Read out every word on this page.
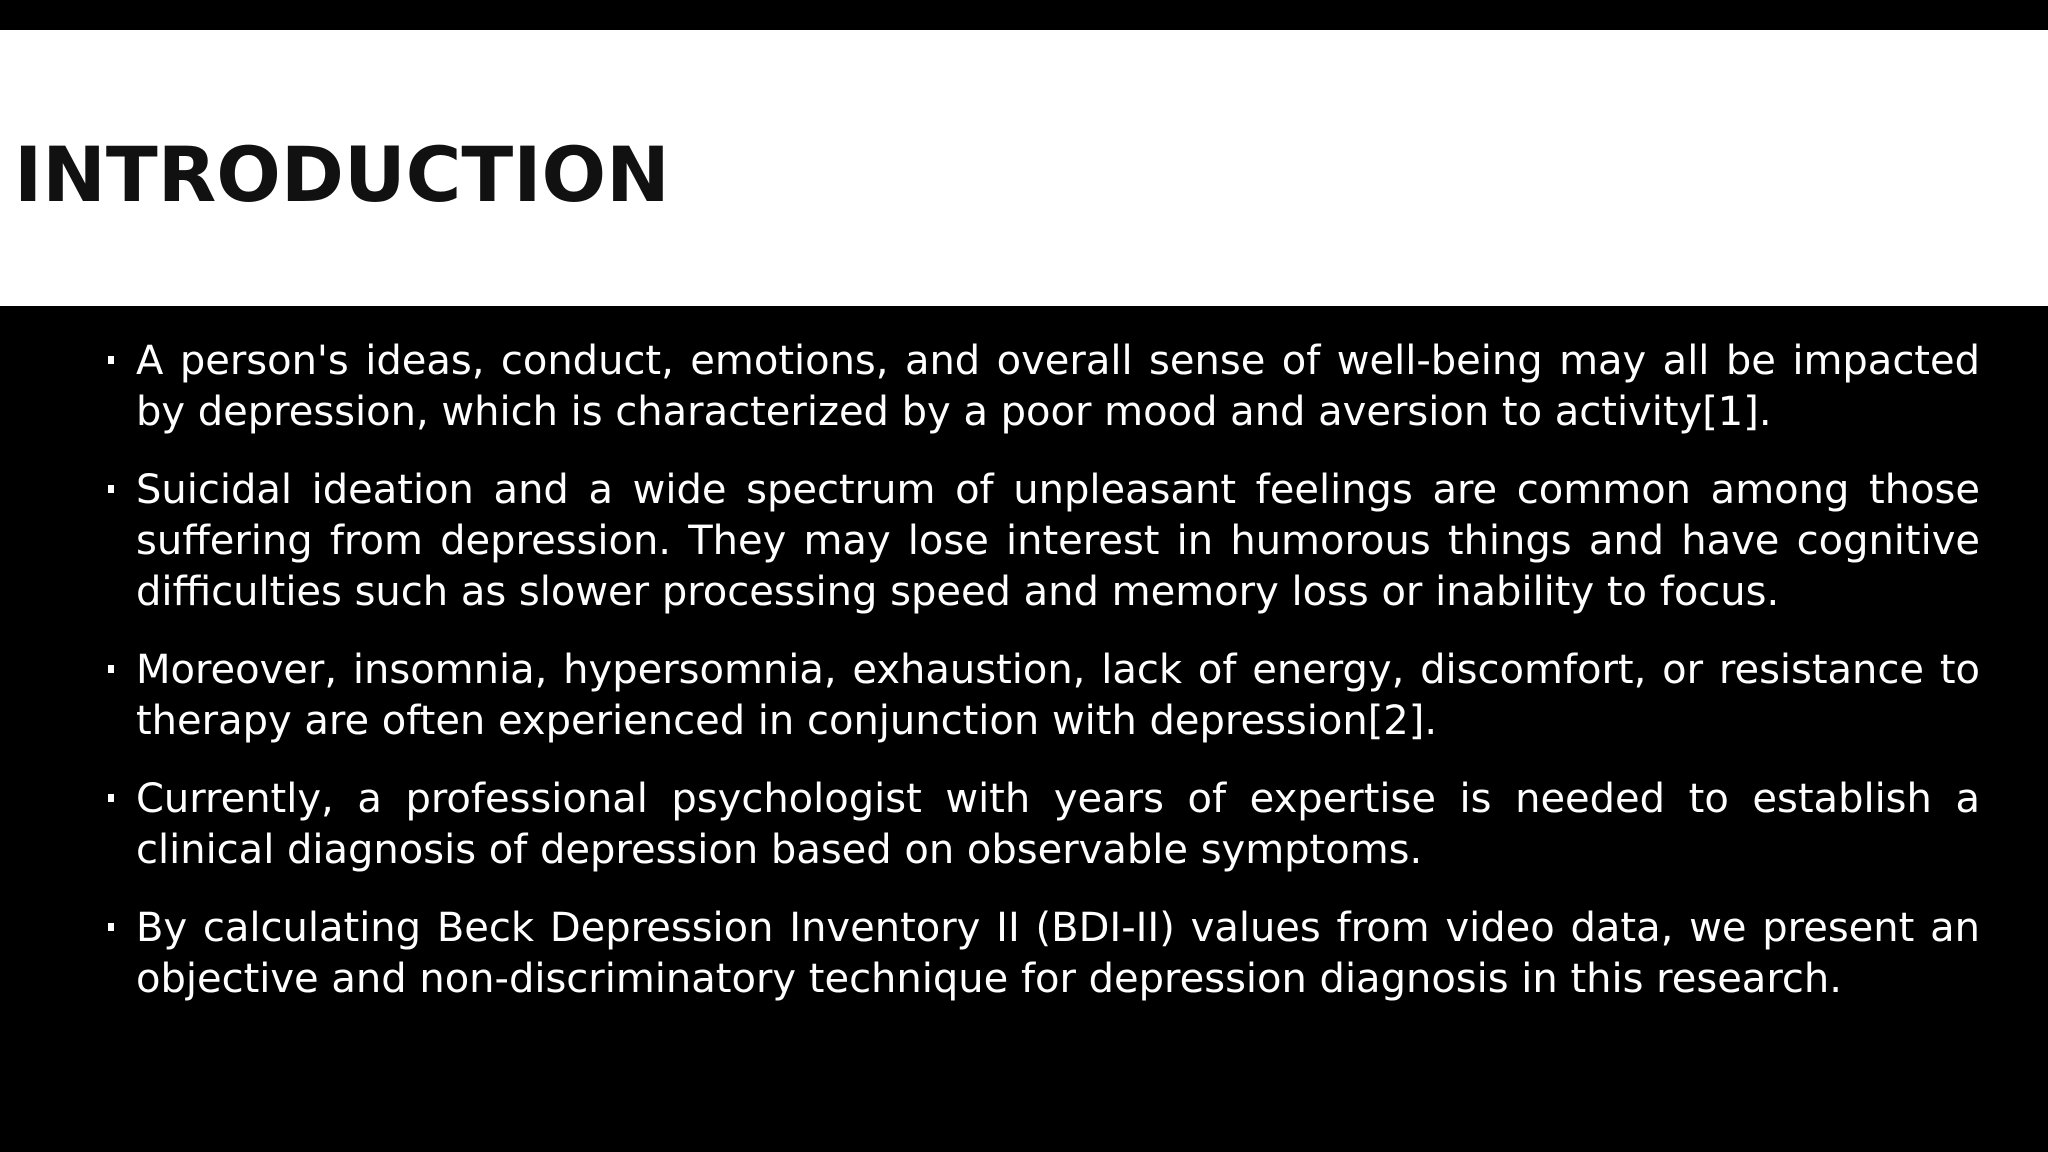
INTRODUCTION
A person's ideas, conduct, emotions, and overall sense of well-being may all be impacted by depression, which is characterized by a poor mood and aversion to activity[1].
Suicidal ideation and a wide spectrum of unpleasant feelings are common among those suffering from depression. They may lose interest in humorous things and have cognitive difficulties such as slower processing speed and memory loss or inability to focus.
Moreover, insomnia, hypersomnia, exhaustion, lack of energy, discomfort, or resistance to therapy are often experienced in conjunction with depression[2].
Currently, a professional psychologist with years of expertise is needed to establish a clinical diagnosis of depression based on observable symptoms.
By calculating Beck Depression Inventory II (BDI-II) values from video data, we present an objective and non-discriminatory technique for depression diagnosis in this research.
